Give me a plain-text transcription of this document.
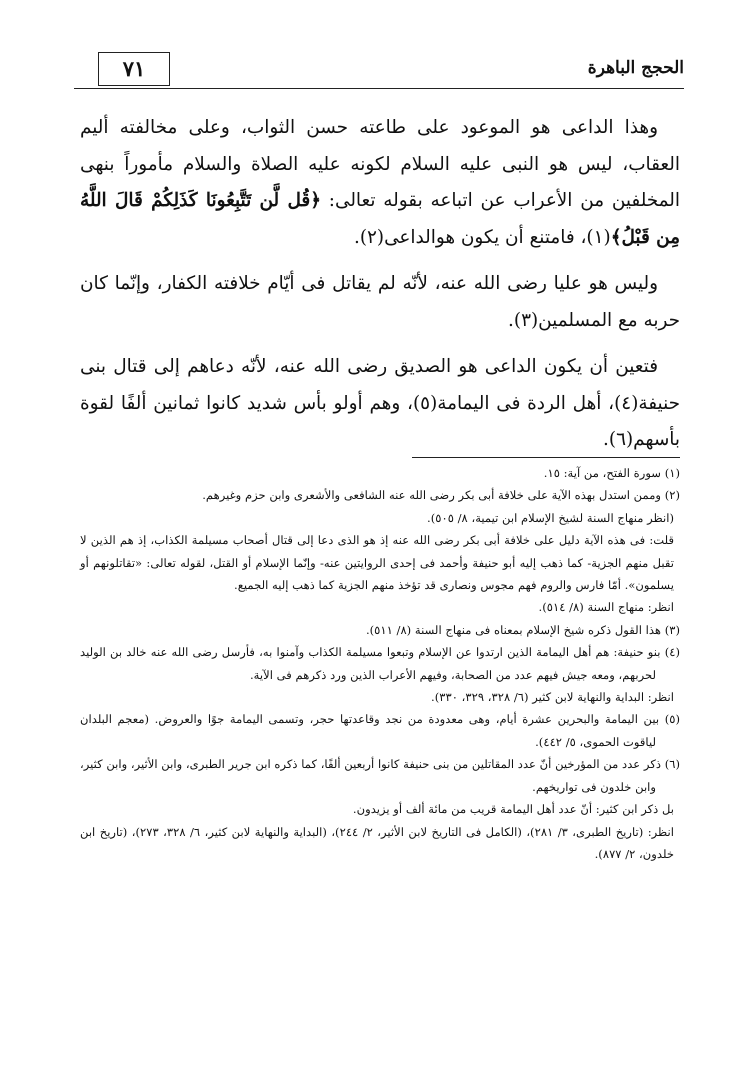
٧١	الحجج الباهرة

وهذا الداعى هو الموعود على طاعته حسن الثواب، وعلى مخالفته أليم العقاب، ليس هو النبى عليه السلام لكونه عليه الصلاة والسلام مأموراً بنهى المخلفين من الأعراب عن اتباعه بقوله تعالى: ﴿قُل لَّن تَتَّبِعُونَا كَذَلِكُمْ قَالَ اللَّهُ مِن قَبْلُ﴾(١)، فامتنع أن يكون هوالداعى(٢).

وليس هو عليا رضى الله عنه، لأنّه لم يقاتل فى أيّام خلافته الكفار، وإنّما كان حربه مع المسلمين(٣).

فتعين أن يكون الداعى هو الصديق رضى الله عنه، لأنّه دعاهم إلى قتال بنى حنيفة(٤)، أهل الردة فى اليمامة(٥)، وهم أولو بأس شديد كانوا ثمانين ألفًا لقوة بأسهم(٦).

(١) سورة الفتح، من آية: ١٥.

(٢) وممن استدل بهذه الآية على خلافة أبى بكر رضى الله عنه الشافعى والأشعرى وابن حزم وغيرهم.

(انظر منهاج السنة لشيخ الإسلام ابن تيمية، ٨/ ٥٠٥).

قلت: فى هذه الآية دليل على خلافة أبى بكر رضى الله عنه إذ هو الذى دعا إلى قتال أصحاب مسيلمة الكذاب، إذ هم الذين لا تقبل منهم الجزية- كما ذهب إليه أبو حنيفة وأحمد فى إحدى الروايتين عنه- وإنّما الإسلام أو القتل، لقوله تعالى: «تقاتلونهم أو يسلمون». أمّا فارس والروم فهم مجوس ونصارى قد تؤخذ منهم الجزية كما ذهب إليه الجميع.

انظر: منهاج السنة (٨/ ٥١٤).

(٣) هذا القول ذكره شيخ الإسلام بمعناه فى منهاج السنة (٨/ ٥١١).

(٤) بنو حنيفة: هم أهل اليمامة الذين ارتدوا عن الإسلام وتبعوا مسيلمة الكذاب وآمنوا به، فأرسل رضى الله عنه خالد بن الوليد لحربهم، ومعه جيش فيهم عدد من الصحابة، وفيهم الأعراب الذين ورد ذكرهم فى الآية.

انظر: البداية والنهاية لابن كثير (٦/ ٣٢٨، ٣٢٩، ٣٣٠).

(٥) بين اليمامة والبحرين عشرة أيام، وهى معدودة من نجد وقاعدتها حجر، وتسمى اليمامة جوًا والعروض. (معجم البلدان لياقوت الحموى، ٥/ ٤٤٢).

(٦) ذكر عدد من المؤرخين أنّ عدد المقاتلين من بنى حنيفة كانوا أربعين ألفًا، كما ذكره ابن جرير الطبرى، وابن الأثير، وابن كثير، وابن خلدون فى تواريخهم.

بل ذكر ابن كثير: أنّ عدد أهل اليمامة قريب من مائة ألف أو يزيدون.

انظر: (تاريخ الطبرى، ٣/ ٢٨١)، (الكامل فى التاريخ لابن الأثير، ٢/ ٢٤٤)، (البداية والنهاية لابن كثير، ٦/ ٣٢٨، ٢٧٣)، (تاريخ ابن خلدون، ٢/ ٨٧٧).
